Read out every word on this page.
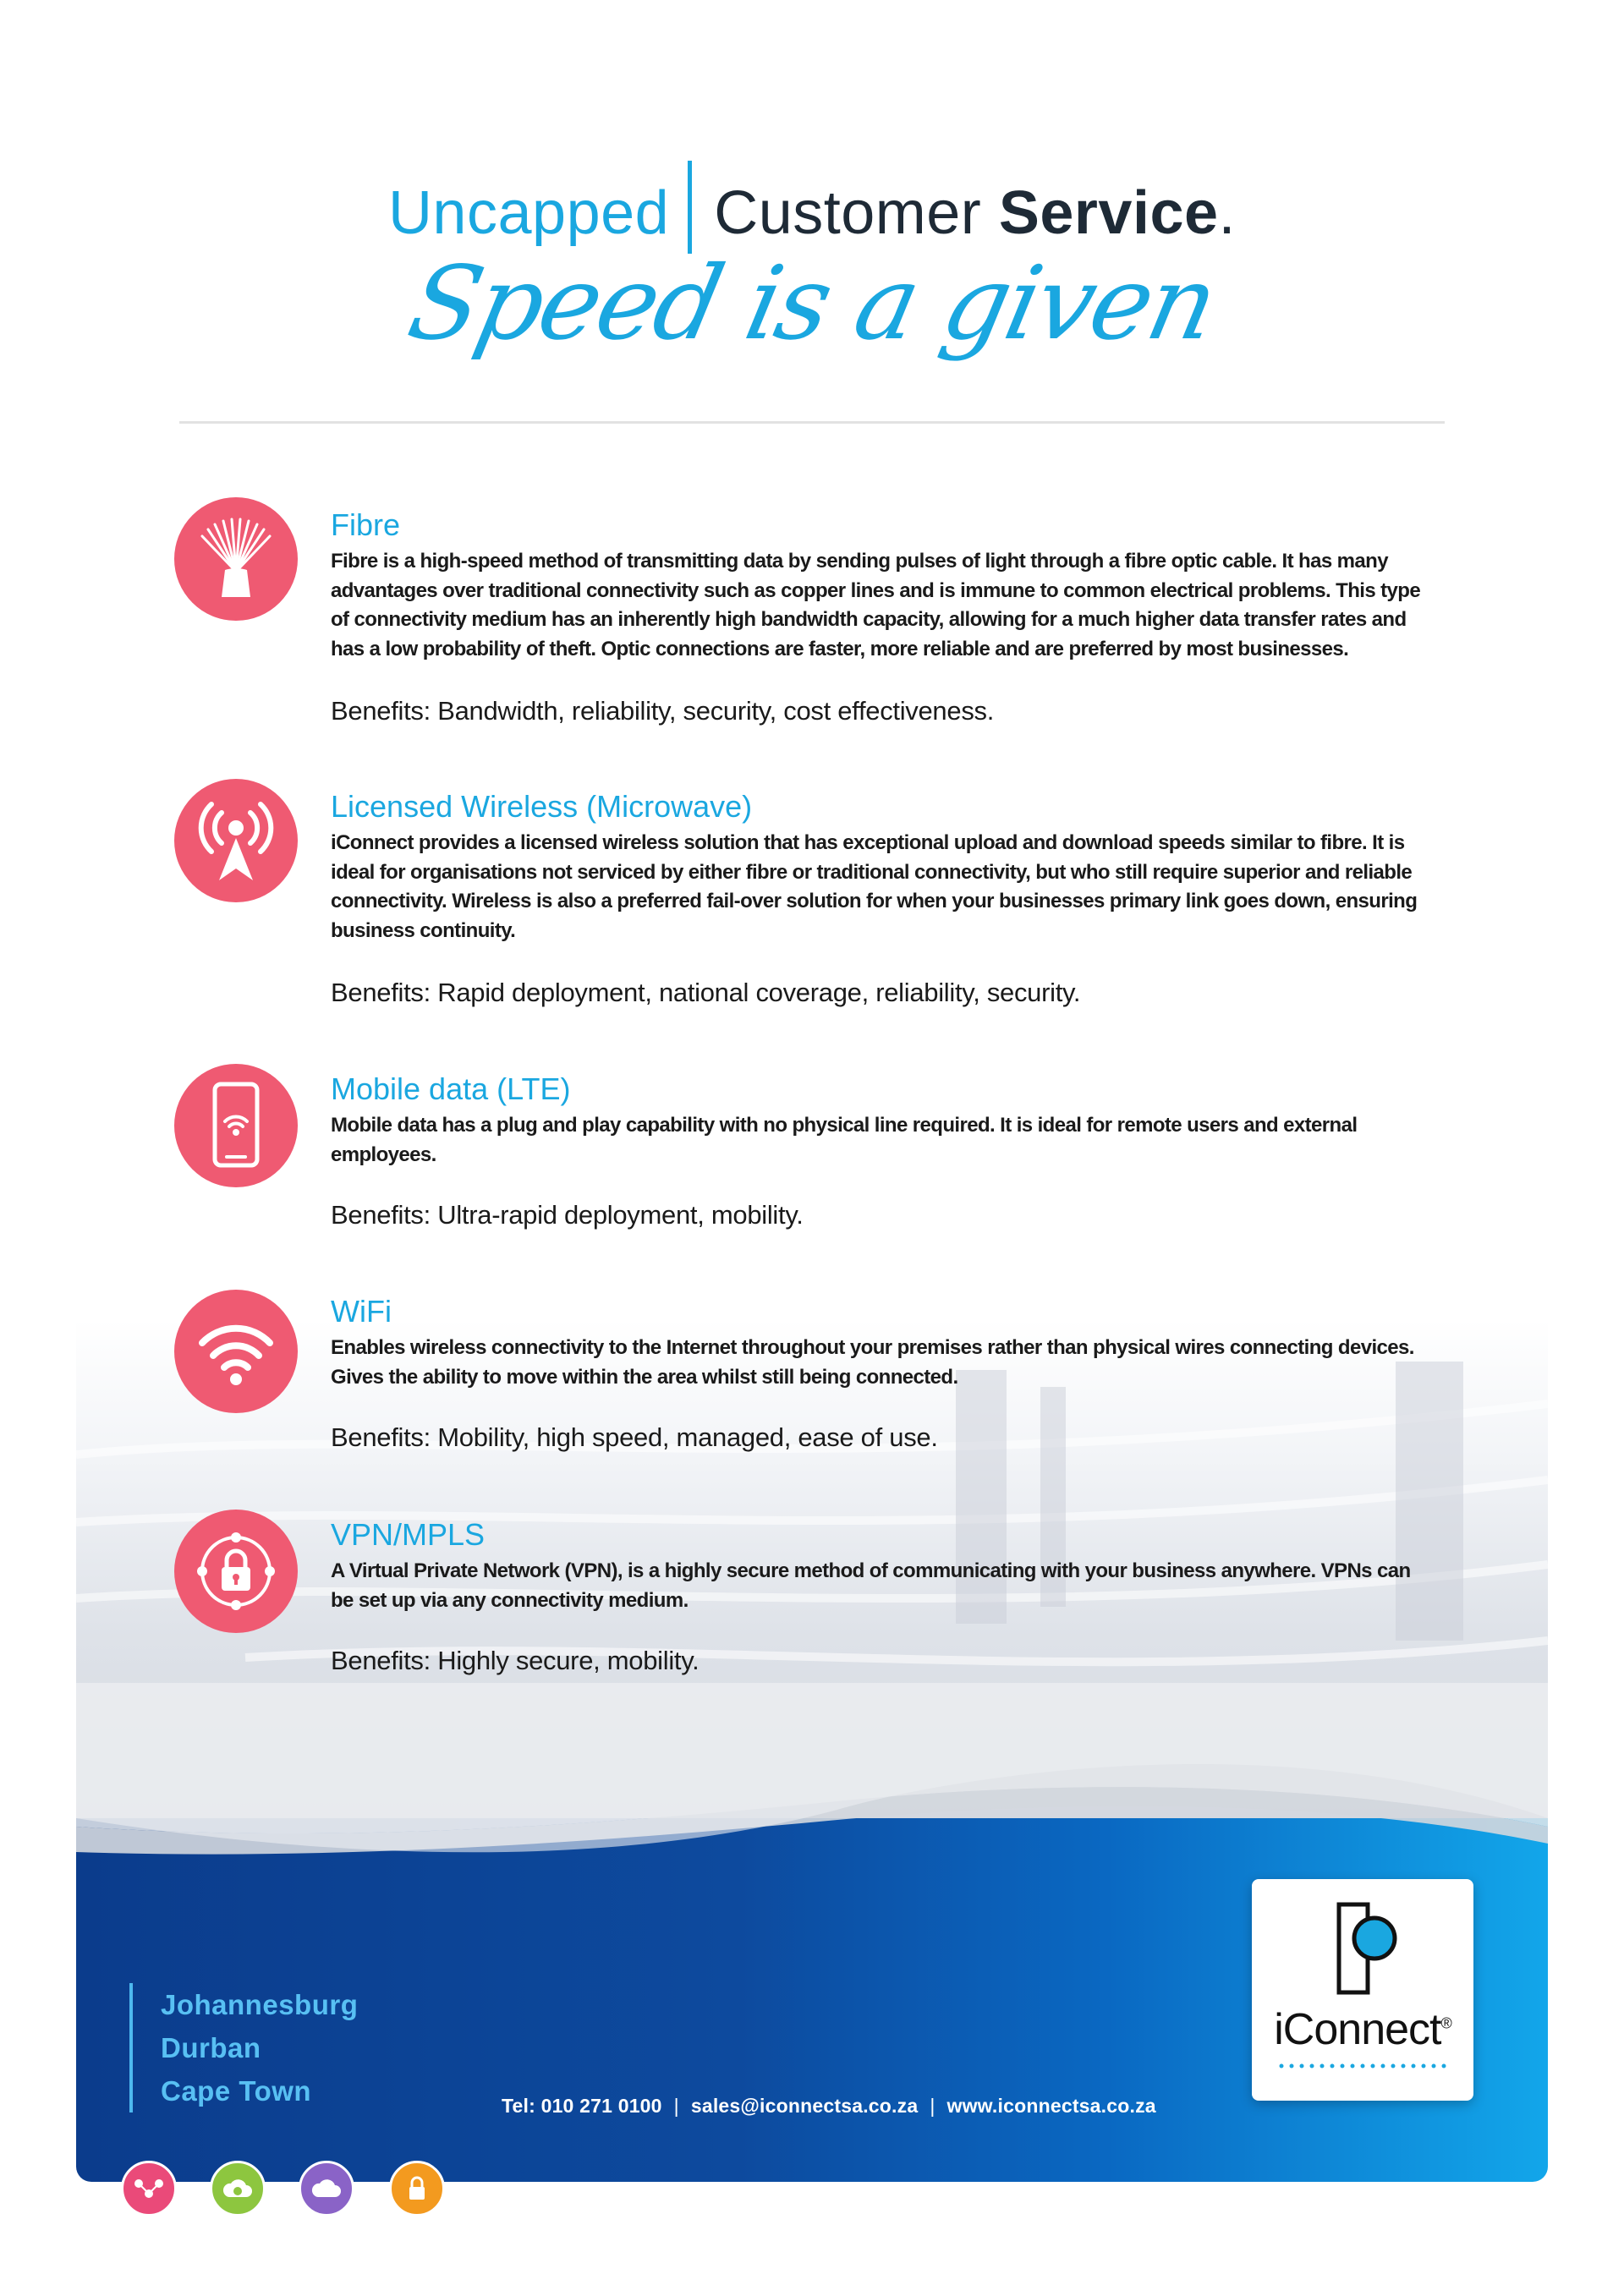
Uncapped Customer Service.
Speed is a given
Fibre
Fibre is a high-speed method of transmitting data by sending pulses of light through a fibre optic cable. It has many advantages over traditional connectivity such as copper lines and is immune to common electrical problems. This type of connectivity medium has an inherently high bandwidth capacity, allowing for a much higher data transfer rates and has a low probability of theft. Optic connections are faster, more reliable and are preferred by most businesses.
Benefits: Bandwidth, reliability, security, cost effectiveness.
Licensed Wireless (Microwave)
iConnect provides a licensed wireless solution that has exceptional upload and download speeds similar to fibre. It is ideal for organisations not serviced by either fibre or traditional connectivity, but who still require superior and reliable connectivity. Wireless is also a preferred fail-over solution for when your businesses primary link goes down, ensuring business continuity.
Benefits: Rapid deployment, national coverage, reliability, security.
Mobile data (LTE)
Mobile data has a plug and play capability with no physical line required. It is ideal for remote users and external employees.
Benefits: Ultra-rapid deployment, mobility.
WiFi
Enables wireless connectivity to the Internet throughout your premises rather than physical wires connecting devices. Gives the ability to move within the area whilst still being connected.
Benefits: Mobility, high speed, managed, ease of use.
VPN/MPLS
A Virtual Private Network (VPN), is a highly secure method of communicating with your business anywhere. VPNs can be set up via any connectivity medium.
Benefits: Highly secure, mobility.
Johannesburg
Durban
Cape Town	Tel: 010 271 0100 | sales@iconnectsa.co.za | www.iconnectsa.co.za
iConnect®
